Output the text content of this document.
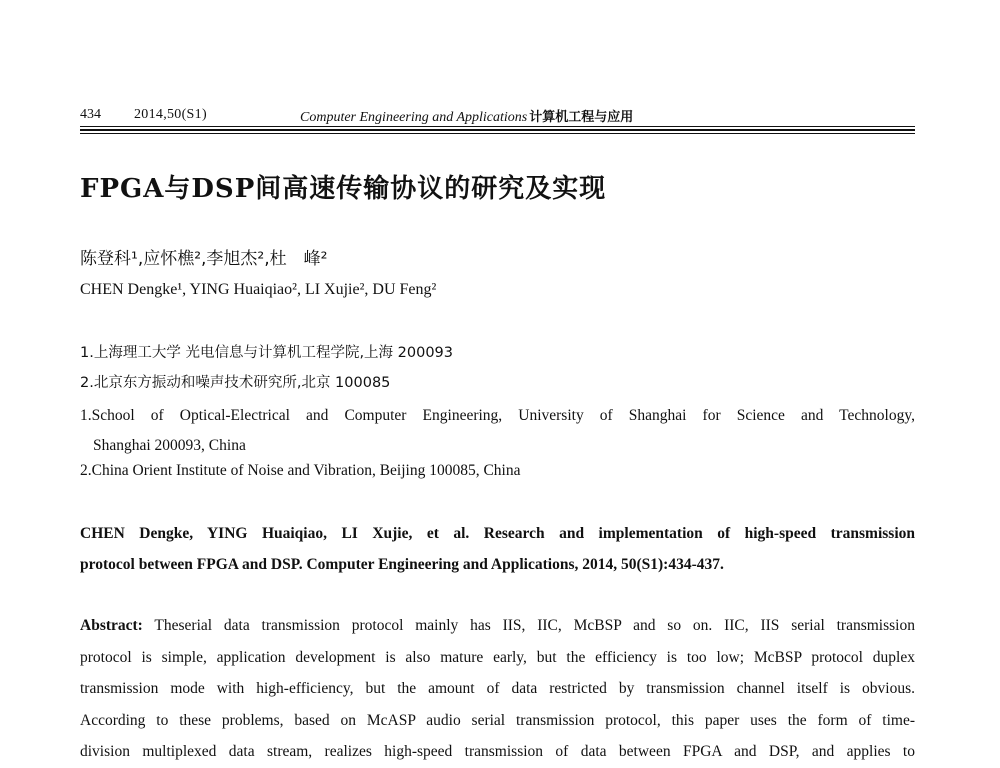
434 2014,50(S1)	Computer Engineering and Applications 计算机工程与应用
FPGA与DSP间高速传输协议的研究及实现
陈登科¹,应怀樵²,李旭杰²,杜　峰²
CHEN Dengke¹, YING Huaiqiao², LI Xujie², DU Feng²
1.上海理工大学 光电信息与计算机工程学院,上海 200093
2.北京东方振动和噪声技术研究所,北京 100085
1.School of Optical-Electrical and Computer Engineering, University of Shanghai for Science and Technology,
Shanghai 200093, China
2.China Orient Institute of Noise and Vibration, Beijing 100085, China
CHEN Dengke, YING Huaiqiao, LI Xujie, et al. Research and implementation of high-speed transmission
protocol between FPGA and DSP. Computer Engineering and Applications, 2014, 50(S1):434-437.
Abstract: Theserial data transmission protocol mainly has IIS, IIC, McBSP and so on. IIC, IIS serial transmission
protocol is simple, application development is also mature early, but the efficiency is too low; McBSP protocol duplex
transmission mode with high-efficiency, but the amount of data restricted by transmission channel itself is obvious.
According to these problems, based on McASP audio serial transmission protocol, this paper uses the form of time-
division multiplexed data stream, realizes high-speed transmission of data between FPGA and DSP, and applies to
